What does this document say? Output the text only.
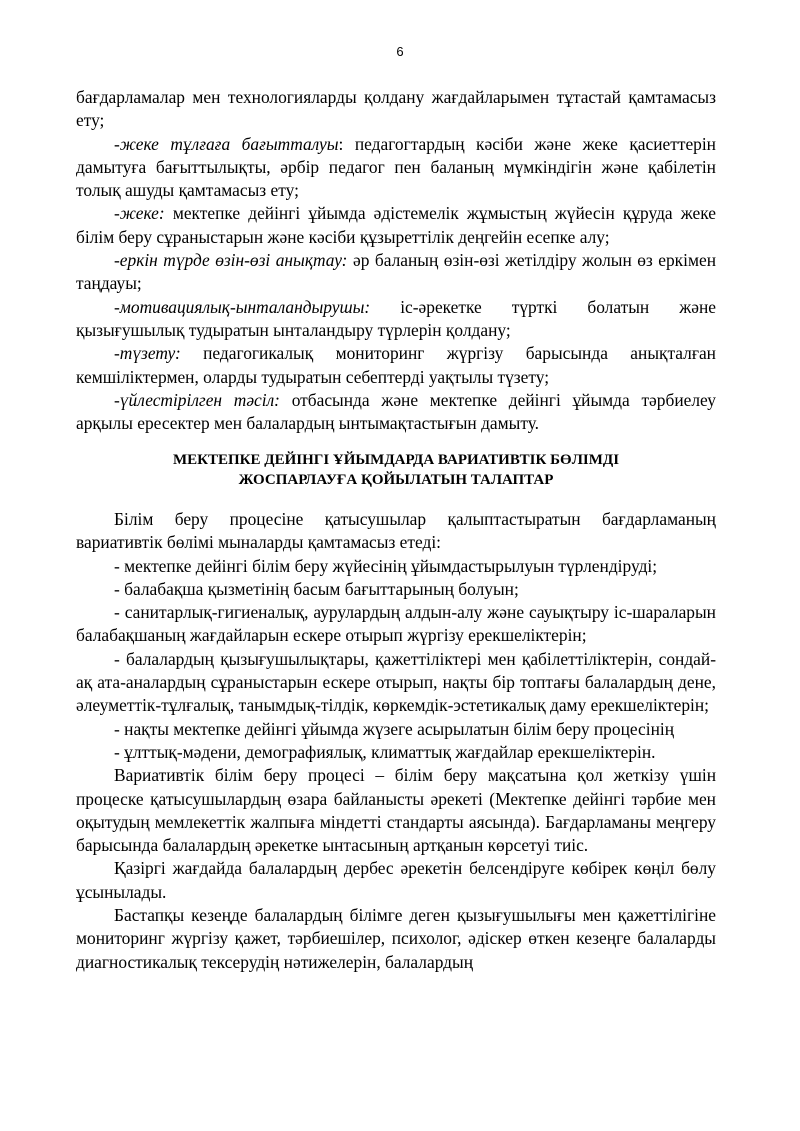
6

бағдарламалар мен технологияларды қолдану жағдайларымен тұтастай қамтамасыз ету;

-жеке тұлғаға бағытталуы: педагогтардың кәсіби және жеке қасиеттерін дамытуға бағыттылықты, әрбір педагог пен баланың мүмкіндігін және қабілетін толық ашуды қамтамасыз ету;

-жеке: мектепке дейінгі ұйымда әдістемелік жұмыстың жүйесін құруда жеке білім беру сұраныстарын және кәсіби құзыреттілік деңгейін есепке алу;

-еркін түрде өзін-өзі анықтау: әр баланың өзін-өзі жетілдіру жолын өз еркімен таңдауы;

-мотивациялық-ынталандырушы: іс-әрекетке түрткі болатын және қызығушылық тудыратын ынталандыру түрлерін қолдану;

-түзету: педагогикалық мониторинг жүргізу барысында анықталған кемшіліктермен, оларды тудыратын себептерді уақтылы түзету;

-үйлестірілген тәсіл: отбасында және мектепке дейінгі ұйымда тәрбиелеу арқылы ересектер мен балалардың ынтымақтастығын дамыту.

МЕКТЕПКЕ ДЕЙІНГІ ҰЙЫМДАРДА ВАРИАТИВТІК БӨЛІМДІ
ЖОСПАРЛАУҒА ҚОЙЫЛАТЫН ТАЛАПТАР

Білім беру процесіне қатысушылар қалыптастыратын бағдарламаның вариативтік бөлімі мыналарды қамтамасыз етеді:

- мектепке дейінгі білім беру жүйесінің ұйымдастырылуын түрлендіруді;

- балабақша қызметінің басым бағыттарының болуын;

- санитарлық-гигиеналық, аурулардың алдын-алу және сауықтыру іс-шараларын балабақшаның жағдайларын ескере отырып жүргізу ерекшеліктерін;

- балалардың қызығушылықтары, қажеттіліктері мен қабілеттіліктерін, сондай-ақ ата-аналардың сұраныстарын ескере отырып, нақты бір топтағы балалардың дене, әлеуметтік-тұлғалық, танымдық-тілдік, көркемдік-эстетикалық даму ерекшеліктерін;

- нақты мектепке дейінгі ұйымда жүзеге асырылатын білім беру процесінің

- ұлттық-мәдени, демографиялық, климаттық жағдайлар ерекшеліктерін.

Вариативтік білім беру процесі – білім беру мақсатына қол жеткізу үшін процеске қатысушылардың өзара байланысты әрекеті (Мектепке дейінгі тәрбие мен оқытудың мемлекеттік жалпыға міндетті стандарты аясында). Бағдарламаны меңгеру барысында балалардың әрекетке ынтасының артқанын көрсетуі тиіс.

Қазіргі жағдайда балалардың дербес әрекетін белсендіруге көбірек көңіл бөлу ұсынылады.

Бастапқы кезеңде балалардың білімге деген қызығушылығы мен қажеттілігіне мониторинг жүргізу қажет, тәрбиешілер, психолог, әдіскер өткен кезеңге балаларды диагностикалық тексерудің нәтижелерін, балалардың
